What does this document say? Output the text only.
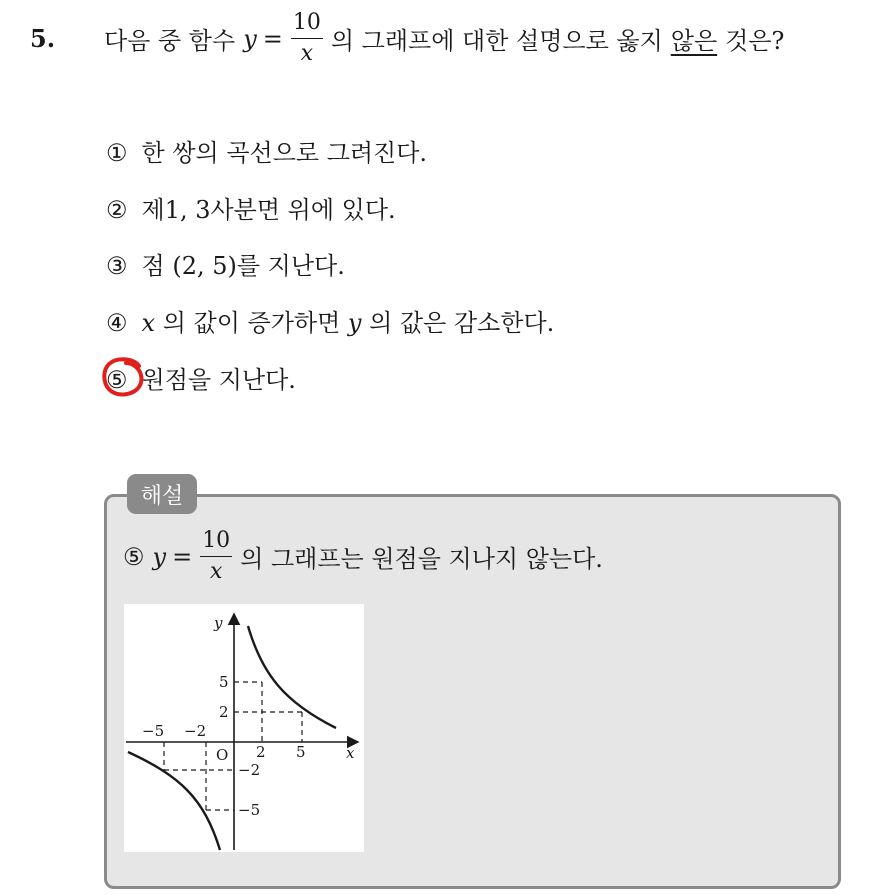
5. 다음 중 함수 $y = \frac{10}{x}$ 의 그래프에 대한 설명으로 옳지 않은 것은?
① 한 쌍의 곡선으로 그려진다.
② 제1, 3사분면 위에 있다.
③ 점 (2, 5)를 지난다.
④ x 의 값이 증가하면 y 의 값은 감소한다.
⑤ 원점을 지난다.
해설
⑤ $y = \frac{10}{x}$ 의 그래프는 원점을 지나지 않는다.
y
x
O
5
2
−5 −2
2 5
−2
−5
